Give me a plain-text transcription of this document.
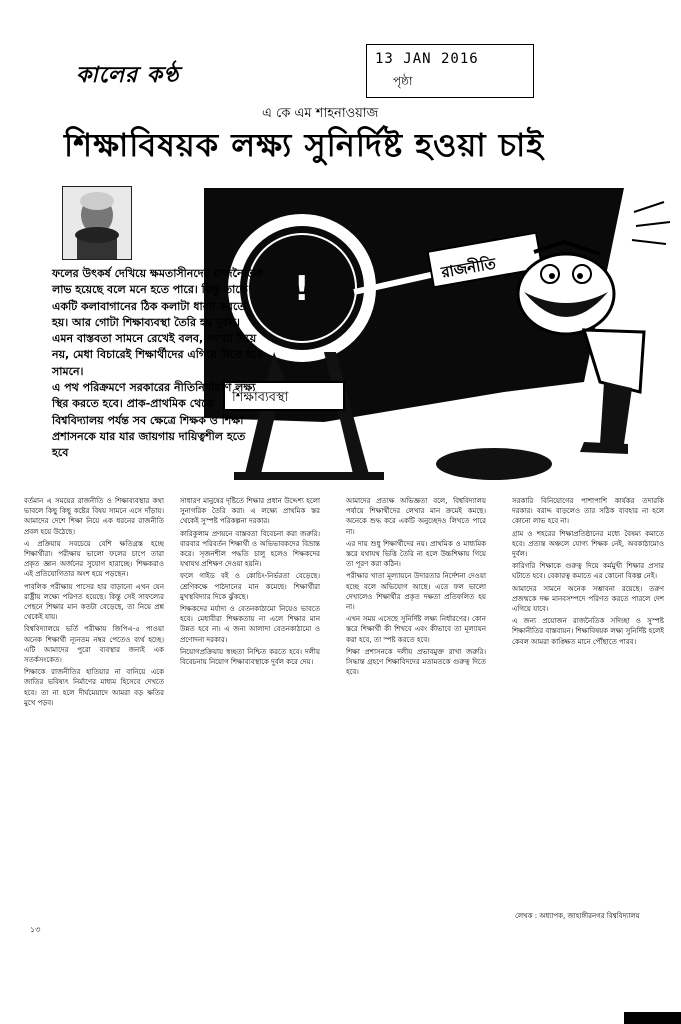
কালের কণ্ঠ
13 JAN 2016
পৃষ্ঠা
এ কে এম শাহনাওয়াজ
শিক্ষাবিষয়ক লক্ষ্য সুনির্দিষ্ট হওয়া চাই
!
শিক্ষাব্যবস্থা
রাজনীতি

ফলের উৎকর্ষ দেখিয়ে ক্ষমতাসীনদের রাজনৈতিক লাভ হয়েছে বলে মনে হতে পারে। কিন্তু তাতে একটি কলাবাগানের ঠিক কলাটা ধারণ করতে হয়। আর গোটা শিক্ষাব্যবস্থা তৈরি হয় দুর্বল।

এমন বাস্তবতা সামনে রেখেই বলব, সংখ্যা দিয়ে নয়, মেধা বিচারেই শিক্ষার্থীদের এগিয়ে দিতে হবে সামনে।

এ পথ পরিক্রমণে সরকারের নীতিনির্ধারণে লক্ষ্য স্থির করতে হবে। প্রাক-প্রাথমিক থেকে বিশ্ববিদ্যালয় পর্যন্ত সব ক্ষেত্রে শিক্ষক ও শিক্ষা প্রশাসনকে যার যার জায়গায় দায়িত্বশীল হতে হবে

বর্তমান এ সময়ের রাজনীতি ও শিক্ষাব্যবস্থার কথা ভাবলে কিছু কিছু কষ্টের বিষয় সামনে এসে দাঁড়ায়। আমাদের দেশে শিক্ষা নিয়ে এক ধরনের রাজনীতি প্রবল হয়ে উঠেছে।

এ প্রক্রিয়ায় সবচেয়ে বেশি ক্ষতিগ্রস্ত হচ্ছে শিক্ষার্থীরা। পরীক্ষায় ভালো ফলের চাপে তারা প্রকৃত জ্ঞান অর্জনের সুযোগ হারাচ্ছে। শিক্ষকরাও এই প্রতিযোগিতার অংশ হয়ে পড়ছেন।

পাবলিক পরীক্ষায় পাসের হার বাড়ানো এখন যেন রাষ্ট্রীয় লক্ষ্যে পরিণত হয়েছে। কিন্তু সেই সাফল্যের পেছনে শিক্ষার মান কতটা বেড়েছে, তা নিয়ে প্রশ্ন থেকেই যায়।

বিশ্ববিদ্যালয়ে ভর্তি পরীক্ষায় জিপিএ-৫ পাওয়া অনেক শিক্ষার্থী ন্যূনতম নম্বর পেতেও ব্যর্থ হচ্ছে। এটি আমাদের পুরো ব্যবস্থার জন্যই এক সতর্কসংকেত।

শিক্ষাকে রাজনীতির হাতিয়ার না বানিয়ে একে জাতির ভবিষ্যৎ নির্মাণের মাধ্যম হিসেবে দেখতে হবে। তা না হলে দীর্ঘমেয়াদে আমরা বড় ক্ষতির মুখে পড়ব।

সাধারণ মানুষের দৃষ্টিতে শিক্ষার প্রধান উদ্দেশ্য হলো সুনাগরিক তৈরি করা। এ লক্ষ্যে প্রাথমিক স্তর থেকেই সুস্পষ্ট পরিকল্পনা দরকার।

কারিকুলাম প্রণয়নে বাস্তবতা বিবেচনা করা জরুরি। বারবার পরিবর্তন শিক্ষার্থী ও অভিভাবকদের বিভ্রান্ত করে। সৃজনশীল পদ্ধতি চালু হলেও শিক্ষকদের যথাযথ প্রশিক্ষণ দেওয়া হয়নি।

ফলে গাইড বই ও কোচিং-নির্ভরতা বেড়েছে। শ্রেণিকক্ষে পাঠদানের মান কমেছে। শিক্ষার্থীরা মুখস্থবিদ্যার দিকে ঝুঁকছে।

শিক্ষকদের মর্যাদা ও বেতনকাঠামো নিয়েও ভাবতে হবে। মেধাবীরা শিক্ষকতায় না এলে শিক্ষার মান উন্নত হবে না। এ জন্য আলাদা বেতনকাঠামো ও প্রণোদনা দরকার।

নিয়োগপ্রক্রিয়ায় স্বচ্ছতা নিশ্চিত করতে হবে। দলীয় বিবেচনায় নিয়োগ শিক্ষাব্যবস্থাকে দুর্বল করে দেয়।

আমাদের প্রত্যক্ষ অভিজ্ঞতা বলে, বিশ্ববিদ্যালয় পর্যায়ে শিক্ষার্থীদের লেখার মান ক্রমেই কমছে। অনেকে শুদ্ধ করে একটি অনুচ্ছেদও লিখতে পারে না।

এর দায় শুধু শিক্ষার্থীদের নয়। প্রাথমিক ও মাধ্যমিক স্তরে যথাযথ ভিত্তি তৈরি না হলে উচ্চশিক্ষায় গিয়ে তা পূরণ করা কঠিন।

পরীক্ষার খাতা মূল্যায়নে উদারতার নির্দেশনা দেওয়া হচ্ছে বলে অভিযোগ আছে। এতে ফল ভালো দেখালেও শিক্ষার্থীর প্রকৃত দক্ষতা প্রতিফলিত হয় না।

এখন সময় এসেছে সুনির্দিষ্ট লক্ষ্য নির্ধারণের। কোন স্তরে শিক্ষার্থী কী শিখবে এবং কীভাবে তা মূল্যায়ন করা হবে, তা স্পষ্ট করতে হবে।

শিক্ষা প্রশাসনকে দলীয় প্রভাবমুক্ত রাখা জরুরি। সিদ্ধান্ত গ্রহণে শিক্ষাবিদদের মতামতকে গুরুত্ব দিতে হবে।

সরকারি বিনিয়োগের পাশাপাশি কার্যকর তদারকি দরকার। বরাদ্দ বাড়লেও তার সঠিক ব্যবহার না হলে কোনো লাভ হবে না।

গ্রাম ও শহরের শিক্ষাপ্রতিষ্ঠানের মধ্যে বৈষম্য কমাতে হবে। প্রত্যন্ত অঞ্চলে যোগ্য শিক্ষক নেই, অবকাঠামোও দুর্বল।

কারিগরি শিক্ষাকে গুরুত্ব দিয়ে কর্মমুখী শিক্ষার প্রসার ঘটাতে হবে। বেকারত্ব কমাতে এর কোনো বিকল্প নেই।

আমাদের সামনে অনেক সম্ভাবনা রয়েছে। তরুণ প্রজন্মকে দক্ষ মানবসম্পদে পরিণত করতে পারলে দেশ এগিয়ে যাবে।

এ জন্য প্রয়োজন রাজনৈতিক সদিচ্ছা ও সুস্পষ্ট শিক্ষানীতির বাস্তবায়ন। শিক্ষাবিষয়ক লক্ষ্য সুনির্দিষ্ট হলেই কেবল আমরা কাঙ্ক্ষিত মানে পৌঁছাতে পারব।

লেখক : অধ্যাপক, জাহাঙ্গীরনগর বিশ্ববিদ্যালয়
১৩
